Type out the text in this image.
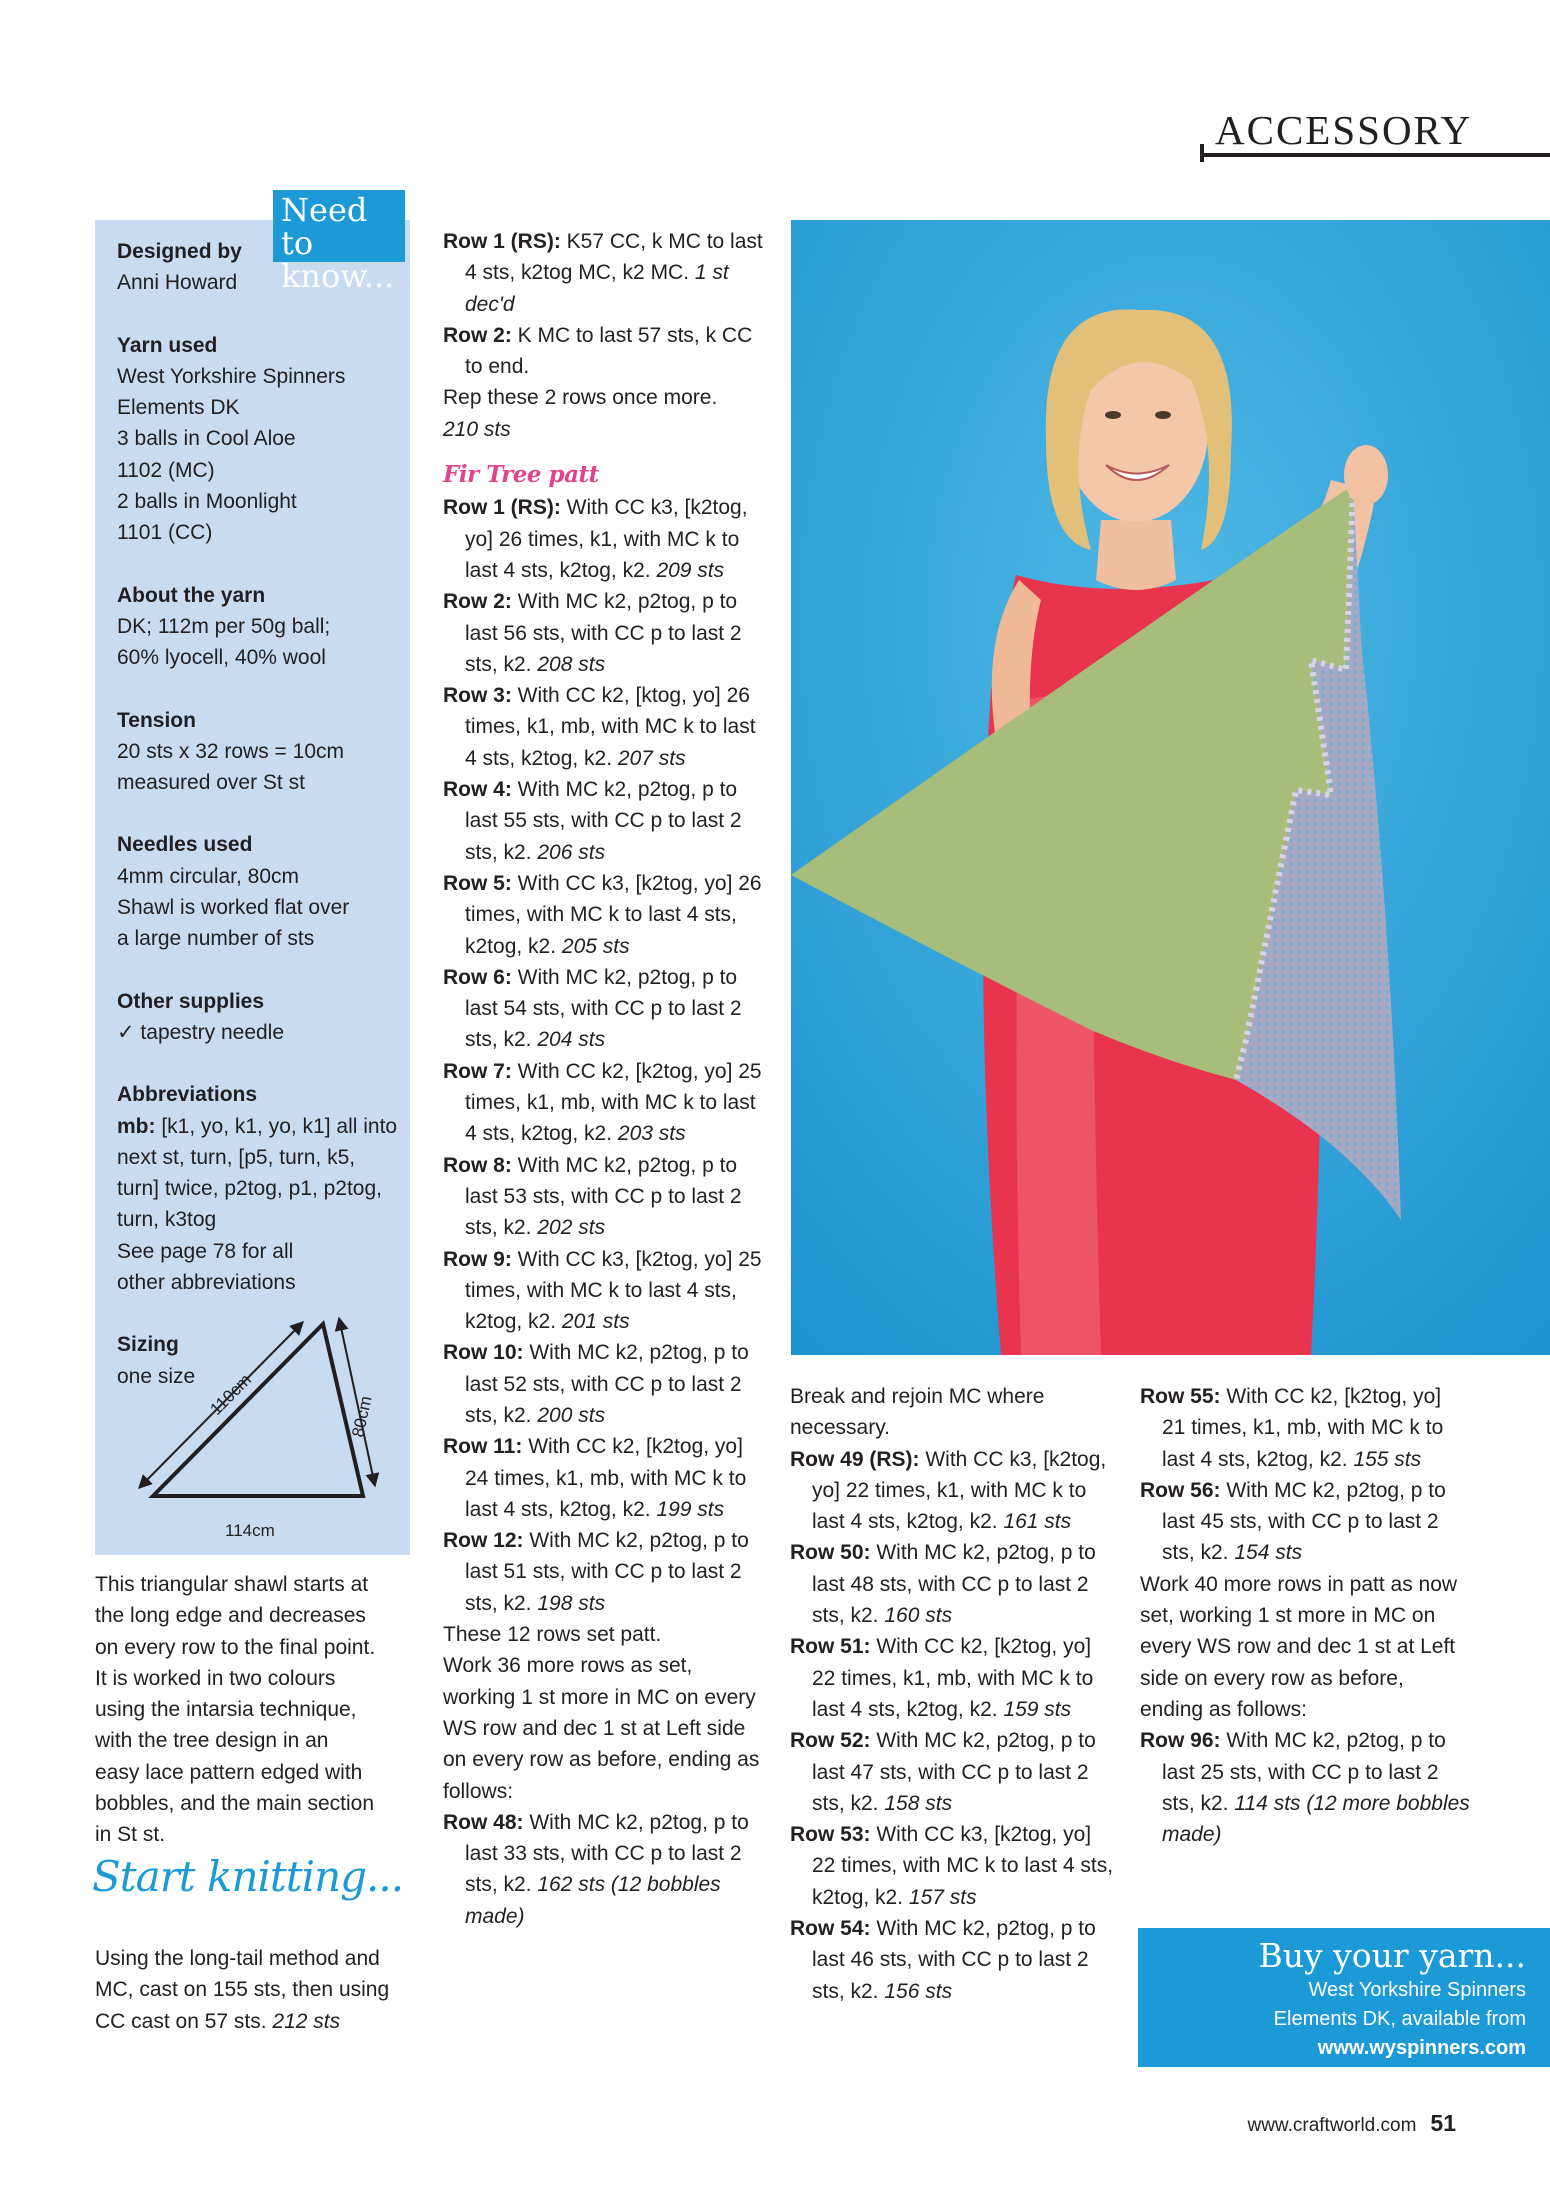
ACCESSORY
Need to know...
Designed by
Anni Howard
Yarn used
West Yorkshire Spinners
Elements DK
3 balls in Cool Aloe
1102 (MC)
2 balls in Moonlight
1101 (CC)
About the yarn
DK; 112m per 50g ball;
60% lyocell, 40% wool
Tension
20 sts x 32 rows = 10cm
measured over St st
Needles used
4mm circular, 80cm
Shawl is worked flat over
a large number of sts
Other supplies
✓ tapestry needle
Abbreviations
mb: [k1, yo, k1, yo, k1] all into next st, turn, [p5, turn, k5, turn] twice, p2tog, p1, p2tog, turn, k3tog
See page 78 for all
other abbreviations
Sizing
one size 110cm	80cm
114cm
This triangular shawl starts at
the long edge and decreases
on every row to the final point.
It is worked in two colours
using the intarsia technique,
with the tree design in an
easy lace pattern edged with
bobbles, and the main section
in St st.
Start knitting...
Using the long-tail method and MC, cast on 155 sts, then using CC cast on 57 sts. 212 sts
Row 1 (RS): K57 CC, k MC to last 4 sts, k2tog MC, k2 MC. 1 st dec'd
Row 2: K MC to last 57 sts, k CC to end.
Rep these 2 rows once more.
210 sts
Fir Tree patt
Row 1 (RS): With CC k3, [k2tog, yo] 26 times, k1, with MC k to last 4 sts, k2tog, k2. 209 sts
Row 2: With MC k2, p2tog, p to last 56 sts, with CC p to last 2 sts, k2. 208 sts
Row 3: With CC k2, [ktog, yo] 26 times, k1, mb, with MC k to last 4 sts, k2tog, k2. 207 sts
Row 4: With MC k2, p2tog, p to last 55 sts, with CC p to last 2 sts, k2. 206 sts
Row 5: With CC k3, [k2tog, yo] 26 times, with MC k to last 4 sts, k2tog, k2. 205 sts
Row 6: With MC k2, p2tog, p to last 54 sts, with CC p to last 2 sts, k2. 204 sts
Row 7: With CC k2, [k2tog, yo] 25 times, k1, mb, with MC k to last 4 sts, k2tog, k2. 203 sts
Row 8: With MC k2, p2tog, p to last 53 sts, with CC p to last 2 sts, k2. 202 sts
Row 9: With CC k3, [k2tog, yo] 25 times, with MC k to last 4 sts, k2tog, k2. 201 sts
Row 10: With MC k2, p2tog, p to last 52 sts, with CC p to last 2 sts, k2. 200 sts
Row 11: With CC k2, [k2tog, yo] 24 times, k1, mb, with MC k to last 4 sts, k2tog, k2. 199 sts
Row 12: With MC k2, p2tog, p to last 51 sts, with CC p to last 2 sts, k2. 198 sts
These 12 rows set patt.
Work 36 more rows as set, working 1 st more in MC on every WS row and dec 1 st at Left side on every row as before, ending as follows:
Row 48: With MC k2, p2tog, p to last 33 sts, with CC p to last 2 sts, k2. 162 sts (12 bobbles made)
Break and rejoin MC where necessary.
Row 49 (RS): With CC k3, [k2tog, yo] 22 times, k1, with MC k to last 4 sts, k2tog, k2. 161 sts
Row 50: With MC k2, p2tog, p to last 48 sts, with CC p to last 2 sts, k2. 160 sts
Row 51: With CC k2, [k2tog, yo] 22 times, k1, mb, with MC k to last 4 sts, k2tog, k2. 159 sts
Row 52: With MC k2, p2tog, p to last 47 sts, with CC p to last 2 sts, k2. 158 sts
Row 53: With CC k3, [k2tog, yo] 22 times, with MC k to last 4 sts, k2tog, k2. 157 sts
Row 54: With MC k2, p2tog, p to last 46 sts, with CC p to last 2 sts, k2. 156 sts
Row 55: With CC k2, [k2tog, yo] 21 times, k1, mb, with MC k to last 4 sts, k2tog, k2. 155 sts
Row 56: With MC k2, p2tog, p to last 45 sts, with CC p to last 2 sts, k2. 154 sts
Work 40 more rows in patt as now set, working 1 st more in MC on every WS row and dec 1 st at Left side on every row as before, ending as follows:
Row 96: With MC k2, p2tog, p to last 25 sts, with CC p to last 2 sts, k2. 114 sts (12 more bobbles made)
Buy your yarn...
West Yorkshire Spinners
Elements DK, available from
www.wyspinners.com
www.craftworld.com 51
